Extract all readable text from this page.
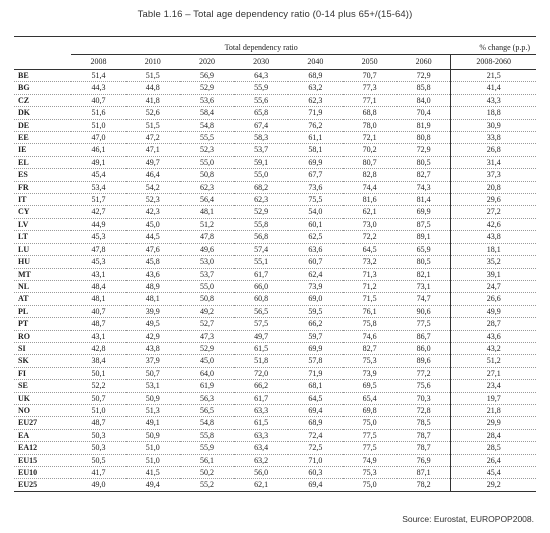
Table 1.16 – Total age dependency ratio (0-14 plus 65+/(15-64))

	Total dependency ratio							% change (p.p.)
	2008	2010	2020	2030	2040	2050	2060	2008-2060
BE	51,4	51,5	56,9	64,3	68,9	70,7	72,9	21,5
BG	44,3	44,8	52,9	55,9	63,2	77,3	85,8	41,4
CZ	40,7	41,8	53,6	55,6	62,3	77,1	84,0	43,3
DK	51,6	52,6	58,4	65,8	71,9	68,8	70,4	18,8
DE	51,0	51,5	54,8	67,4	76,2	78,0	81,9	30,9
EE	47,0	47,2	55,5	58,3	61,1	72,1	80,8	33,8
IE	46,1	47,1	52,3	53,7	58,1	70,2	72,9	26,8
EL	49,1	49,7	55,0	59,1	69,9	80,7	80,5	31,4
ES	45,4	46,4	50,8	55,0	67,7	82,8	82,7	37,3
FR	53,4	54,2	62,3	68,2	73,6	74,4	74,3	20,8
IT	51,7	52,3	56,4	62,3	75,5	81,6	81,4	29,6
CY	42,7	42,3	48,1	52,9	54,0	62,1	69,9	27,2
LV	44,9	45,0	51,2	55,8	60,1	73,0	87,5	42,6
LT	45,3	44,5	47,8	56,8	62,5	72,2	89,1	43,8
LU	47,8	47,6	49,6	57,4	63,6	64,5	65,9	18,1
HU	45,3	45,8	53,0	55,1	60,7	73,2	80,5	35,2
MT	43,1	43,6	53,7	61,7	62,4	71,3	82,1	39,1
NL	48,4	48,9	55,0	66,0	73,9	71,2	73,1	24,7
AT	48,1	48,1	50,8	60,8	69,0	71,5	74,7	26,6
PL	40,7	39,9	49,2	56,5	59,5	76,1	90,6	49,9
PT	48,7	49,5	52,7	57,5	66,2	75,8	77,5	28,7
RO	43,1	42,9	47,3	49,7	59,7	74,6	86,7	43,6
SI	42,8	43,8	52,9	61,5	69,9	82,7	86,0	43,2
SK	38,4	37,9	45,0	51,8	57,8	75,3	89,6	51,2
FI	50,1	50,7	64,0	72,0	71,9	73,9	77,2	27,1
SE	52,2	53,1	61,9	66,2	68,1	69,5	75,6	23,4
UK	50,7	50,9	56,3	61,7	64,5	65,4	70,3	19,7
NO	51,0	51,3	56,5	63,3	69,4	69,8	72,8	21,8
EU27	48,7	49,1	54,8	61,5	68,9	75,0	78,5	29,9
EA	50,3	50,9	55,8	63,3	72,4	77,5	78,7	28,4
EA12	50,3	51,0	55,9	63,4	72,5	77,5	78,7	28,5
EU15	50,5	51,0	56,1	63,2	71,0	74,9	76,9	26,4
EU10	41,7	41,5	50,2	56,0	60,3	75,3	87,1	45,4
EU25	49,0	49,4	55,2	62,1	69,4	75,0	78,2	29,2
Source: Eurostat, EUROPOP2008.
